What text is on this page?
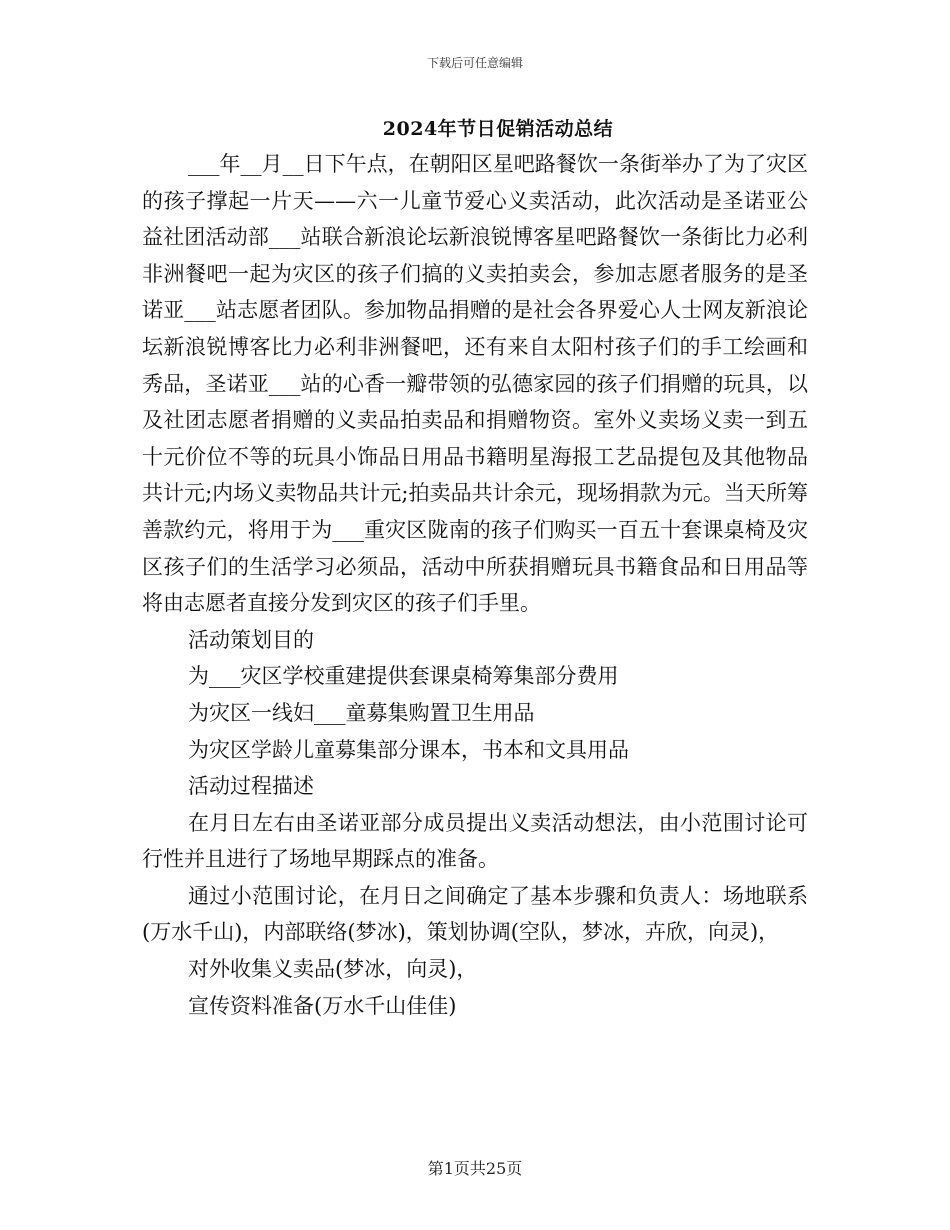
下载后可任意编辑
2024年节日促销活动总结

___年__月__日下午点，在朝阳区星吧路餐饮一条街举办了为了灾区的孩子撑起一片天——六一儿童节爱心义卖活动，此次活动是圣诺亚公益社团活动部___站联合新浪论坛新浪锐博客星吧路餐饮一条街比力必利非洲餐吧一起为灾区的孩子们搞的义卖拍卖会，参加志愿者服务的是圣诺亚___站志愿者团队。参加物品捐赠的是社会各界爱心人士网友新浪论坛新浪锐博客比力必利非洲餐吧，还有来自太阳村孩子们的手工绘画和秀品，圣诺亚___站的心香一瓣带领的弘德家园的孩子们捐赠的玩具，以及社团志愿者捐赠的义卖品拍卖品和捐赠物资。室外义卖场义卖一到五十元价位不等的玩具小饰品日用品书籍明星海报工艺品提包及其他物品共计元;内场义卖物品共计元;拍卖品共计余元，现场捐款为元。当天所筹善款约元，将用于为___重灾区陇南的孩子们购买一百五十套课桌椅及灾区孩子们的生活学习必须品，活动中所获捐赠玩具书籍食品和日用品等将由志愿者直接分发到灾区的孩子们手里。

活动策划目的

为___灾区学校重建提供套课桌椅筹集部分费用

为灾区一线妇___童募集购置卫生用品

为灾区学龄儿童募集部分课本，书本和文具用品

活动过程描述

在月日左右由圣诺亚部分成员提出义卖活动想法，由小范围讨论可行性并且进行了场地早期踩点的准备。

通过小范围讨论，在月日之间确定了基本步骤和负责人：场地联系(万水千山)，内部联络(梦冰)，策划协调(空队，梦冰，卉欣，向灵)，

对外收集义卖品(梦冰，向灵)，

宣传资料准备(万水千山佳佳)

第1页共25页
